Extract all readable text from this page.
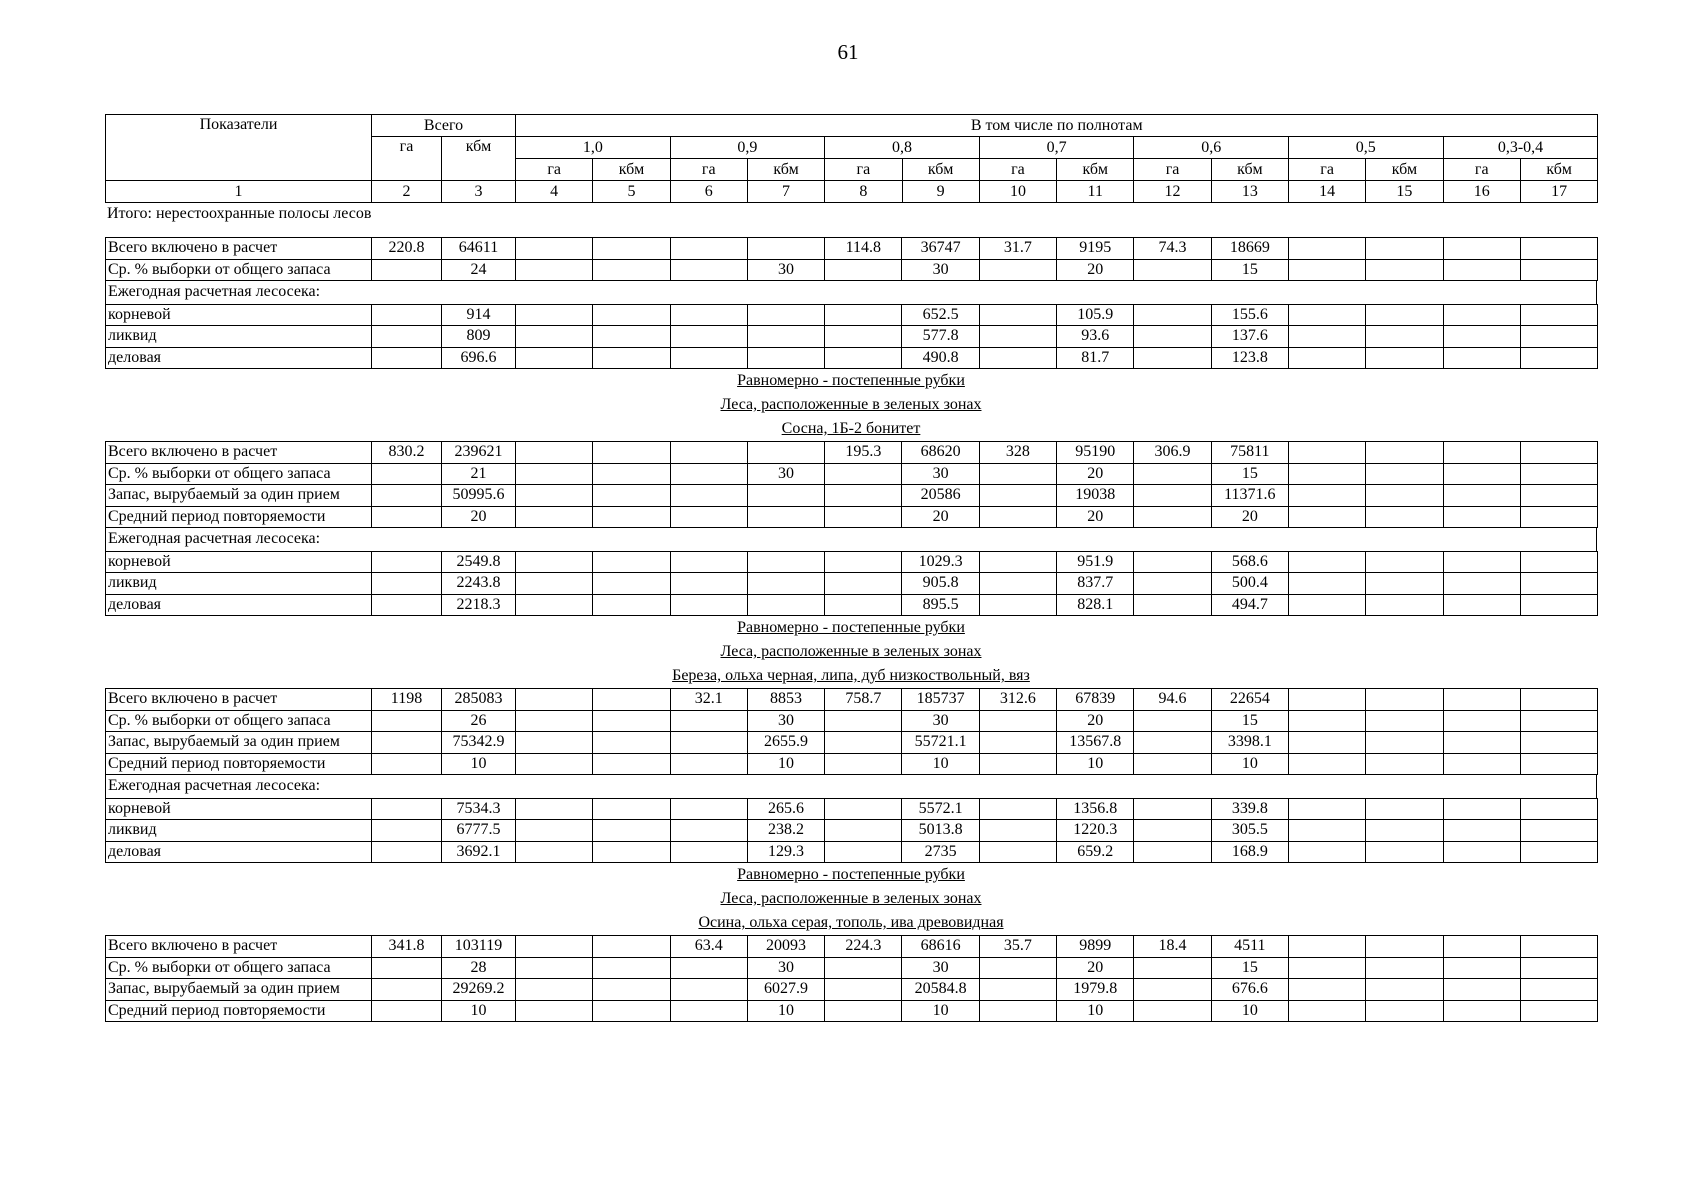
61
Показатели	Всего		В том числе по полнотам													
	га	кбм	1,0		0,9		0,8		0,7		0,6		0,5		0,3-0,4	
			га	кбм	га	кбм	га	кбм	га	кбм	га	кбм	га	кбм	га	кбм
1	2	3	4	5	6	7	8	9	10	11	12	13	14	15	16	17
Итого: нерестоохранные полосы лесов
Всего включено в расчет	220.8	64611					114.8	36747	31.7	9195	74.3	18669				
Ср. % выборки от общего запаса		24				30		30		20		15				
Ежегодная расчетная лесосека:
корневой		914						652.5		105.9		155.6				
ликвид		809						577.8		93.6		137.6				
деловая		696.6						490.8		81.7		123.8				
Равномерно - постепенные рубки
Леса, расположенные в зеленых зонах
Сосна, 1Б-2 бонитет
Всего включено в расчет	830.2	239621					195.3	68620	328	95190	306.9	75811				
Ср. % выборки от общего запаса		21				30		30		20		15				
Запас, вырубаемый за один прием		50995.6						20586		19038		11371.6				
Средний период повторяемости		20						20		20		20				
Ежегодная расчетная лесосека:
корневой		2549.8						1029.3		951.9		568.6				
ликвид		2243.8						905.8		837.7		500.4				
деловая		2218.3						895.5		828.1		494.7				
Равномерно - постепенные рубки
Леса, расположенные в зеленых зонах
Береза, ольха черная, липа, дуб низкоствольный, вяз
Всего включено в расчет	1198	285083			32.1	8853	758.7	185737	312.6	67839	94.6	22654				
Ср. % выборки от общего запаса		26				30		30		20		15				
Запас, вырубаемый за один прием		75342.9				2655.9		55721.1		13567.8		3398.1				
Средний период повторяемости		10				10		10		10		10				
Ежегодная расчетная лесосека:
корневой		7534.3				265.6		5572.1		1356.8		339.8				
ликвид		6777.5				238.2		5013.8		1220.3		305.5				
деловая		3692.1				129.3		2735		659.2		168.9				
Равномерно - постепенные рубки
Леса, расположенные в зеленых зонах
Осина, ольха серая, тополь, ива древовидная
Всего включено в расчет	341.8	103119			63.4	20093	224.3	68616	35.7	9899	18.4	4511				
Ср. % выборки от общего запаса		28				30		30		20		15				
Запас, вырубаемый за один прием		29269.2				6027.9		20584.8		1979.8		676.6				
Средний период повторяемости		10				10		10		10		10				
